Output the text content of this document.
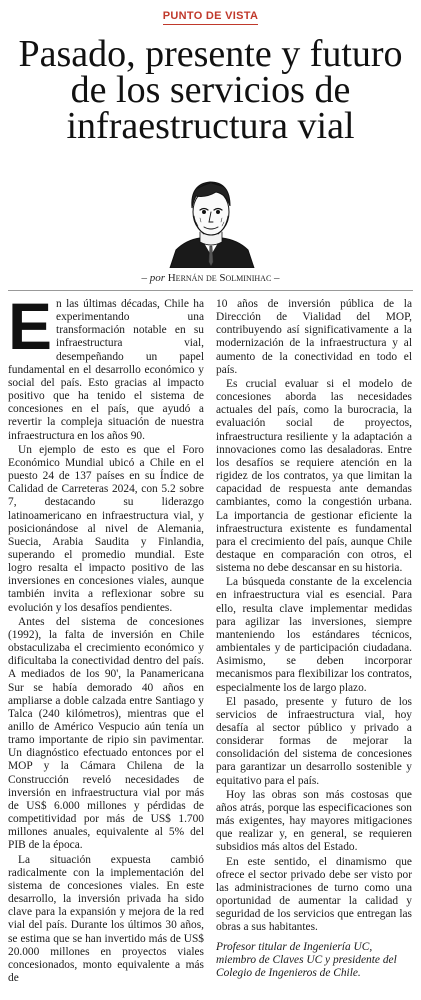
PUNTO DE VISTA
Pasado, presente y futuro de los servicios de infraestructura vial
– por Hernán de Solminihac –

En las últimas décadas, Chile ha experimentando una transformación notable en su infraestructura vial, desempeñando un papel fundamental en el desarrollo económico y social del país. Esto gracias al impacto positivo que ha tenido el sistema de concesiones en el país, que ayudó a revertir la compleja situación de nuestra infraestructura en los años 90.

Un ejemplo de esto es que el Foro Económico Mundial ubicó a Chile en el puesto 24 de 137 países en su Índice de Calidad de Carreteras 2024, con 5.2 sobre 7, destacando su liderazgo latinoamericano en infraestructura vial, y posicionándose al nivel de Alemania, Suecia, Arabia Saudita y Finlandia, superando el promedio mundial. Este logro resalta el impacto positivo de las inversiones en concesiones viales, aunque también invita a reflexionar sobre su evolución y los desafíos pendientes.

Antes del sistema de concesiones (1992), la falta de inversión en Chile obstaculizaba el crecimiento económico y dificultaba la conectividad dentro del país. A mediados de los 90', la Panamericana Sur se había demorado 40 años en ampliarse a doble calzada entre Santiago y Talca (240 kilómetros), mientras que el anillo de Américo Vespucio aún tenía un tramo importante de ripio sin pavimentar. Un diagnóstico efectuado entonces por el MOP y la Cámara Chilena de la Construcción reveló necesidades de inversión en infraestructura vial por más de US$ 6.000 millones y pérdidas de competitividad por más de US$ 1.700 millones anuales, equivalente al 5% del PIB de la época.

La situación expuesta cambió radicalmente con la implementación del sistema de concesiones viales. En este desarrollo, la inversión privada ha sido clave para la expansión y mejora de la red vial del país. Durante los últimos 30 años, se estima que se han invertido más de US$ 20.000 millones en proyectos viales concesionados, monto equivalente a más de

10 años de inversión pública de la Dirección de Vialidad del MOP, contribuyendo así significativamente a la modernización de la infraestructura y al aumento de la conectividad en todo el país.

Es crucial evaluar si el modelo de concesiones aborda las necesidades actuales del país, como la burocracia, la evaluación social de proyectos, infraestructura resiliente y la adaptación a innovaciones como las desaladoras. Entre los desafíos se requiere atención en la rigidez de los contratos, ya que limitan la capacidad de respuesta ante demandas cambiantes, como la congestión urbana. La importancia de gestionar eficiente la infraestructura existente es fundamental para el crecimiento del país, aunque Chile destaque en comparación con otros, el sistema no debe descansar en su historia.

La búsqueda constante de la excelencia en infraestructura vial es esencial. Para ello, resulta clave implementar medidas para agilizar las inversiones, siempre manteniendo los estándares técnicos, ambientales y de participación ciudadana. Asimismo, se deben incorporar mecanismos para flexibilizar los contratos, especialmente los de largo plazo.

El pasado, presente y futuro de los servicios de infraestructura vial, hoy desafía al sector público y privado a considerar formas de mejorar la consolidación del sistema de concesiones para garantizar un desarrollo sostenible y equitativo para el país.

Hoy las obras son más costosas que años atrás, porque las especificaciones son más exigentes, hay mayores mitigaciones que realizar y, en general, se requieren subsidios más altos del Estado.

En este sentido, el dinamismo que ofrece el sector privado debe ser visto por las administraciones de turno como una oportunidad de aumentar la calidad y seguridad de los servicios que entregan las obras a sus habitantes.

Profesor titular de Ingeniería UC, miembro de Claves UC y presidente del Colegio de Ingenieros de Chile.
